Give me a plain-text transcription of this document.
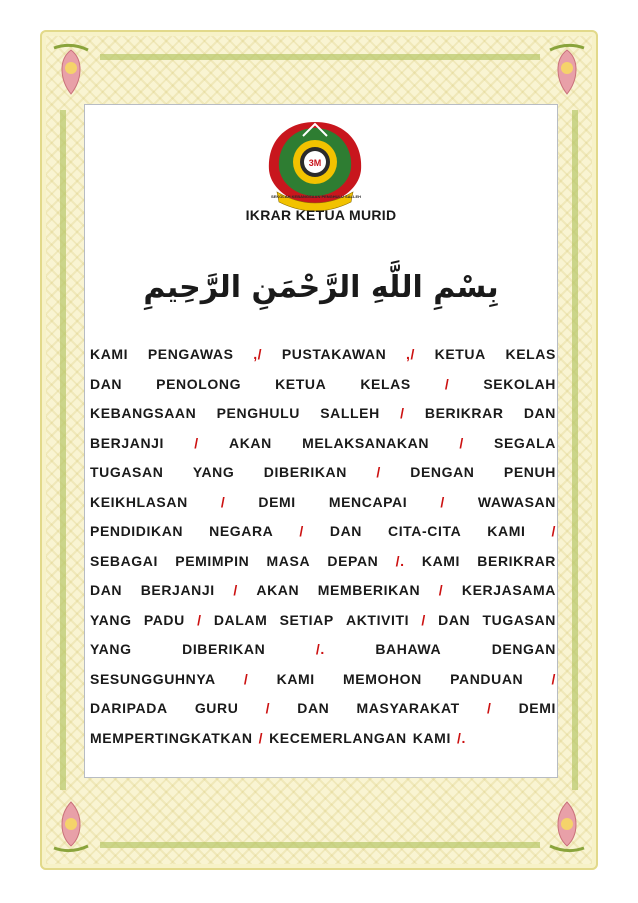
3M
SEKOLAH KEBANGSAAN PENGHULU SALLEH
IKRAR KETUA MURID
بِسْمِ اللَّهِ الرَّحْمَنِ الرَّحِيمِ
KAMI PENGAWAS ,/ PUSTAKAWAN ,/ KETUA KELAS
DAN PENOLONG KETUA KELAS / SEKOLAH
KEBANGSAAN PENGHULU SALLEH / BERIKRAR DAN
BERJANJI / AKAN MELAKSANAKAN / SEGALA
TUGASAN YANG DIBERIKAN / DENGAN PENUH
KEIKHLASAN / DEMI MENCAPAI / WAWASAN
PENDIDIKAN NEGARA / DAN CITA-CITA KAMI /
SEBAGAI PEMIMPIN MASA DEPAN /. KAMI BERIKRAR
DAN BERJANJI / AKAN MEMBERIKAN / KERJASAMA
YANG PADU / DALAM SETIAP AKTIVITI / DAN TUGASAN
YANG	DIBERIKAN	/.	BAHAWA	DENGAN
SESUNGGUHNYA / KAMI MEMOHON PANDUAN /
DARIPADA GURU / DAN MASYARAKAT / DEMI
MEMPERTINGKATKAN / KECEMERLANGAN KAMI /.
